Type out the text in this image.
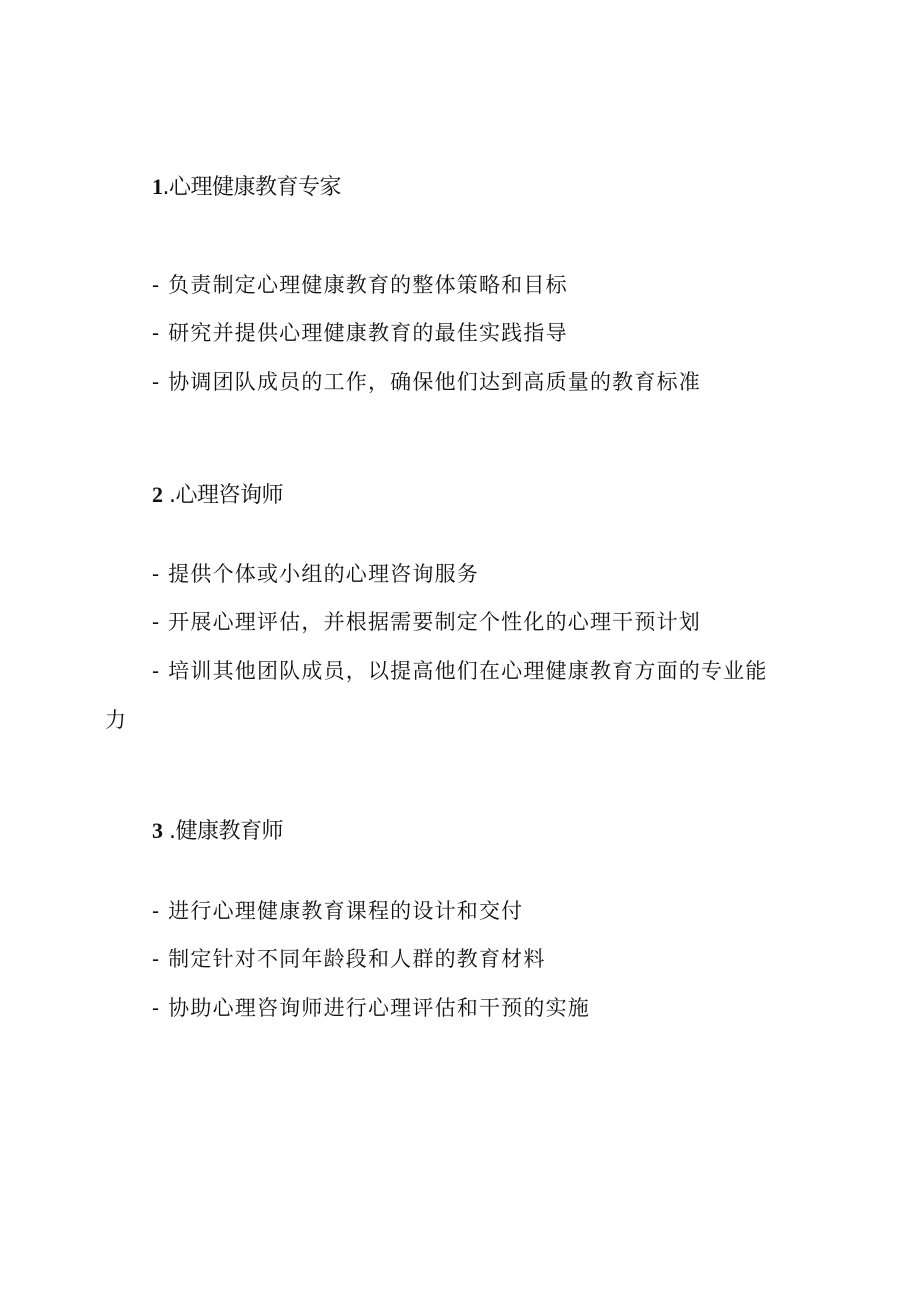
1.心理健康教育专家

- 负责制定心理健康教育的整体策略和目标

- 研究并提供心理健康教育的最佳实践指导

- 协调团队成员的工作，确保他们达到高质量的教育标准

2 .心理咨询师

- 提供个体或小组的心理咨询服务

- 开展心理评估，并根据需要制定个性化的心理干预计划

- 培训其他团队成员，以提高他们在心理健康教育方面的专业能

力

3 .健康教育师

- 进行心理健康教育课程的设计和交付

- 制定针对不同年龄段和人群的教育材料

- 协助心理咨询师进行心理评估和干预的实施
